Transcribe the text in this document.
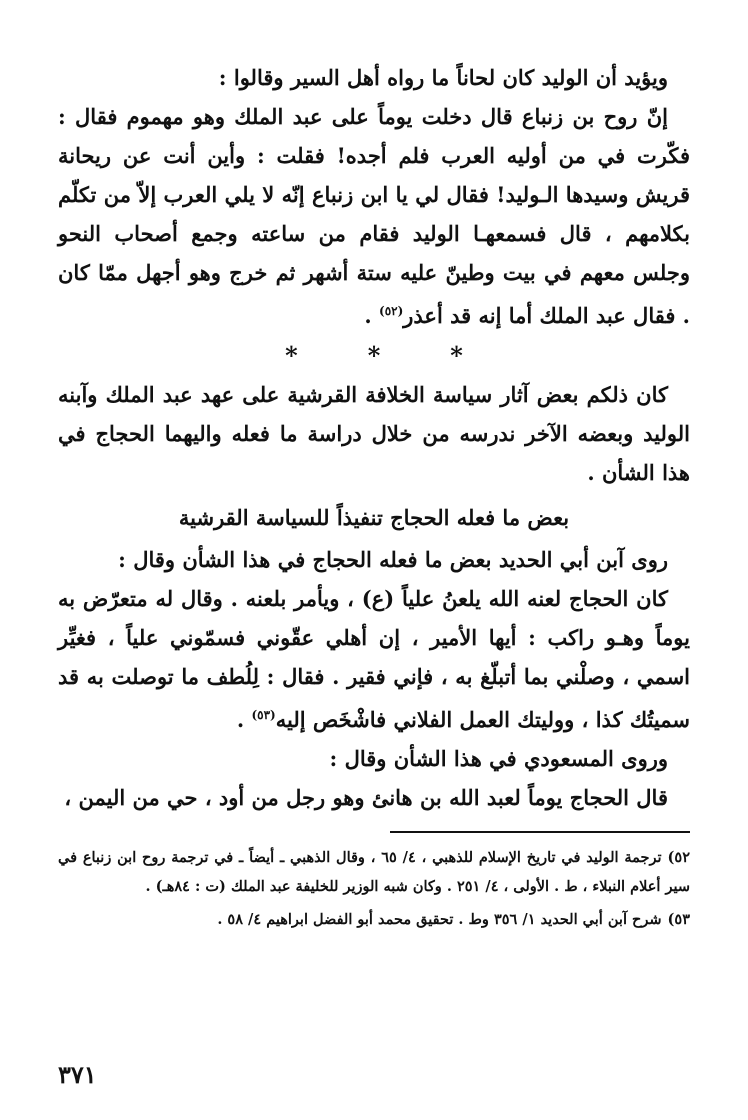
ويؤيد أن الوليد كان لحاناً ما رواه أهل السير وقالوا :

إنّ روح بن زنباع قال دخلت يوماً على عبد الملك وهو مهموم فقال : فكّرت في من أوليه العرب فلم أجده! فقلت : وأين أنت عن ريحانة قريش وسيدها الـوليد! فقال لي يا ابن زنباع إنّه لا يلي العرب إلاّ من تكلّم بكلامهم ، قال فسمعهـا الوليد فقام من ساعته وجمع أصحاب النحو وجلس معهم في بيت وطينّ عليه ستة أشهر ثم خرج وهو أجهل ممّا كان . فقال عبد الملك أما إنه قد أعذر$^{(٥٢)}$ .

*
*
*

كان ذلكم بعض آثار سياسة الخلافة القرشية على عهد عبد الملك وآبنه الوليد وبعضه الآخر ندرسه من خلال دراسة ما فعله واليهما الحجاج في هذا الشأن .

بعض ما فعله الحجاج تنفيذاً للسياسة القرشية

روى آبن أبي الحديد بعض ما فعله الحجاج في هذا الشأن وقال :

كان الحجاج لعنه الله يلعنُ علياً (ع) ، ويأمر بلعنه . وقال له متعرّض به يوماً وهـو راكب : أيها الأمير ، إن أهلي عقّوني فسمّوني علياً ، فغيِّر اسمي ، وصلْني بما أتبلّغ به ، فإني فقير . فقال : لِلُطف ما توصلت به قد سميتُك كذا ، ووليتك العمل الفلاني فاشْخَص إليه$^{(٥٣)}$ .

وروى المسعودي في هذا الشأن وقال :

قال الحجاج يوماً لعبد الله بن هانئ وهو رجل من أود ، حي من اليمن ،

٥٢)ترجمة الوليد في تاريخ الإسلام للذهبي ، ٤/ ٦٥ ، وقال الذهبي ـ أيضاً ـ في ترجمة روح ابن زنباع في سير أعلام النبلاء ، ط . الأولى ، ٤/ ٢٥١ . وكان شبه الوزير للخليفة عبد الملك (ت : ٨٤هـ) .

٥٣)شرح آبن أبي الحديد ١/ ٣٥٦ وط . تحقيق محمد أبو الفضل ابراهيم ٤/ ٥٨ .

٣٧١
